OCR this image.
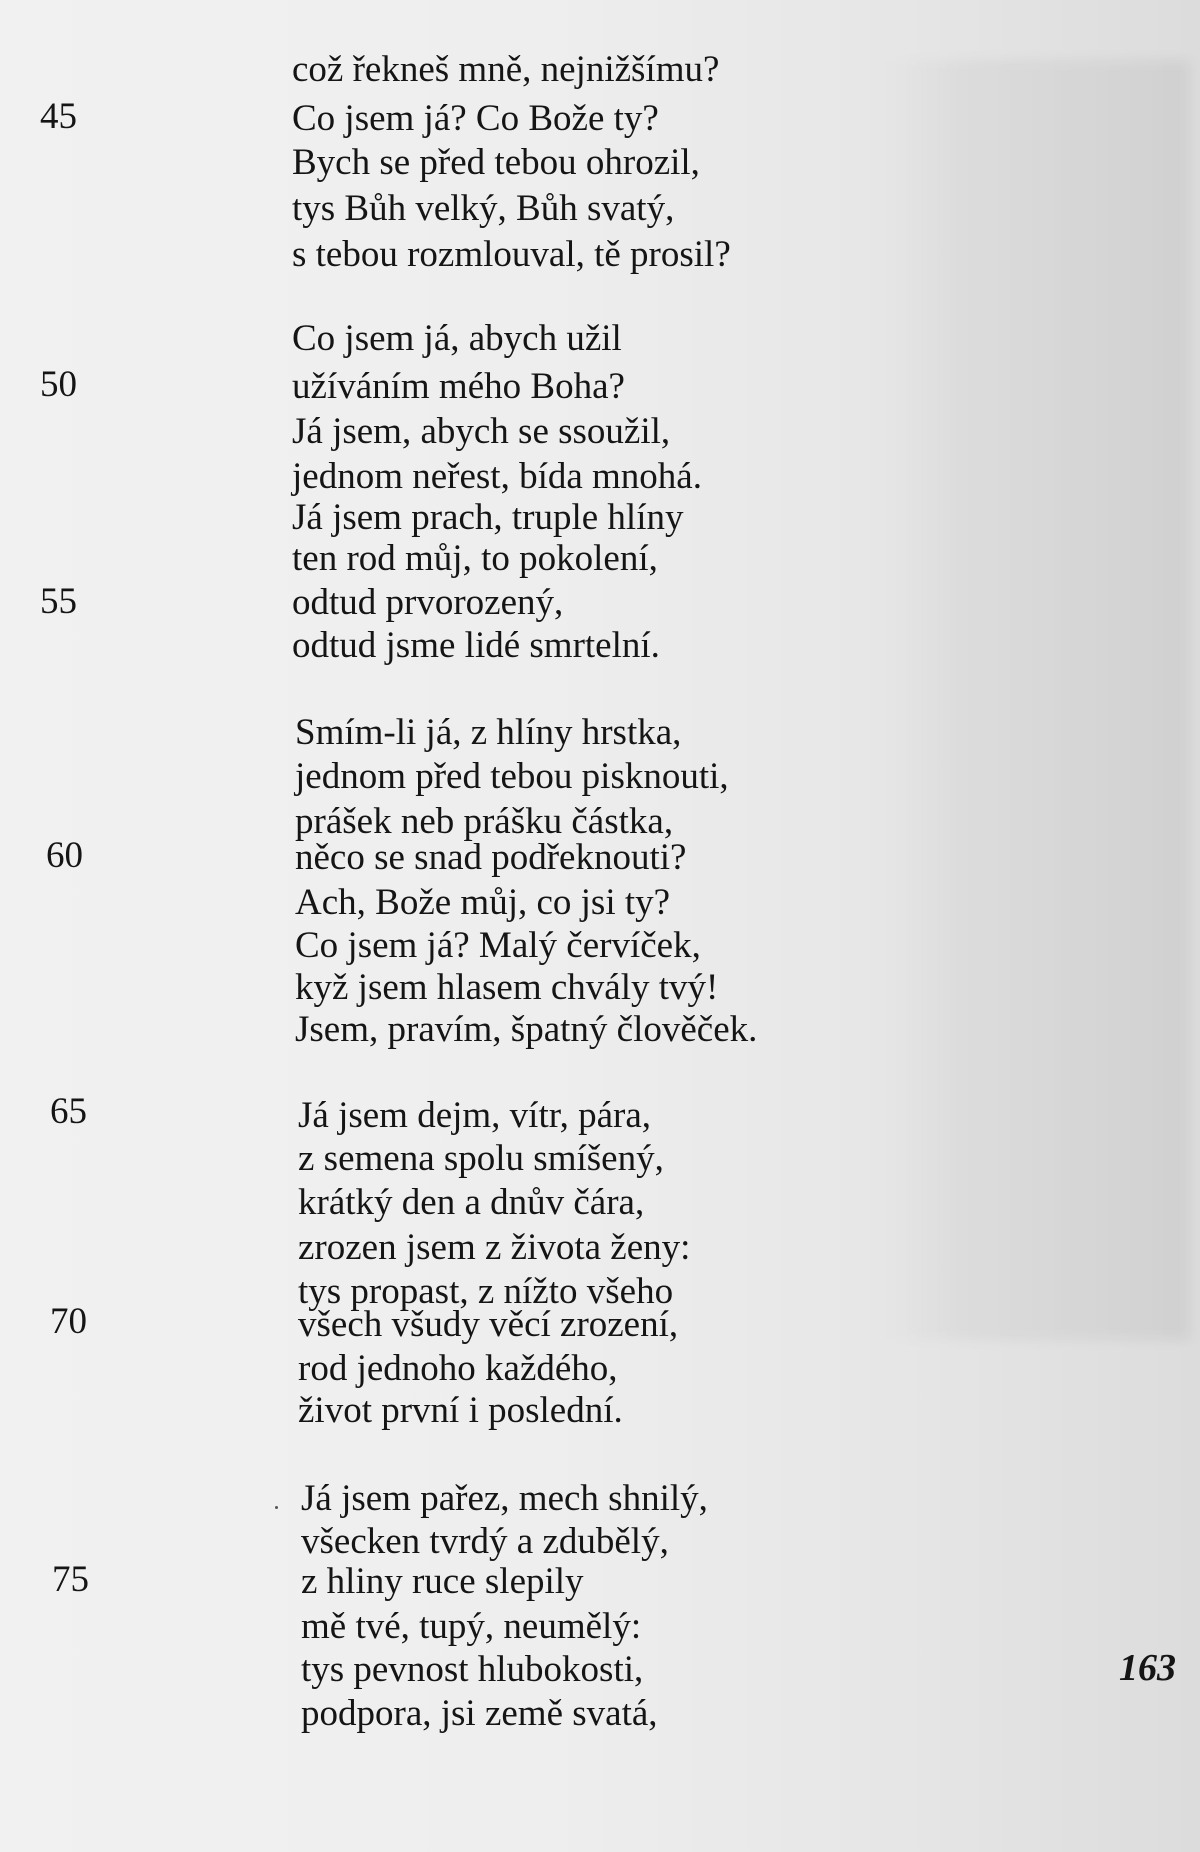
což řekneš mně, nejnižšímu?
Co jsem já? Co Bože ty?
Bych se před tebou ohrozil,
tys Bůh velký, Bůh svatý,
s tebou rozmlouval, tě prosil?
Co jsem já, abych užil
užíváním mého Boha?
Já jsem, abych se ssoužil,
jednom neřest, bída mnohá.
Já jsem prach, truple hlíny
ten rod můj, to pokolení,
odtud prvorozený,
odtud jsme lidé smrtelní.
Smím-li já, z hlíny hrstka,
jednom před tebou pisknouti,
prášek neb prášku částka,
něco se snad podřeknouti?
Ach, Bože můj, co jsi ty?
Co jsem já? Malý červíček,
kyž jsem hlasem chvály tvý!
Jsem, pravím, špatný člověček.
Já jsem dejm, vítr, pára,
z semena spolu smíšený,
krátký den a dnův čára,
zrozen jsem z života ženy:
tys propast, z nížto všeho
všech všudy věcí zrození,
rod jednoho každého,
život první i poslední.
Já jsem pařez, mech shnilý,
všecken tvrdý a zdubělý,
z hliny ruce slepily
mě tvé, tupý, neumělý:
tys pevnost hlubokosti,
podpora, jsi země svatá,
45
50
55
60
65
70
75
163
